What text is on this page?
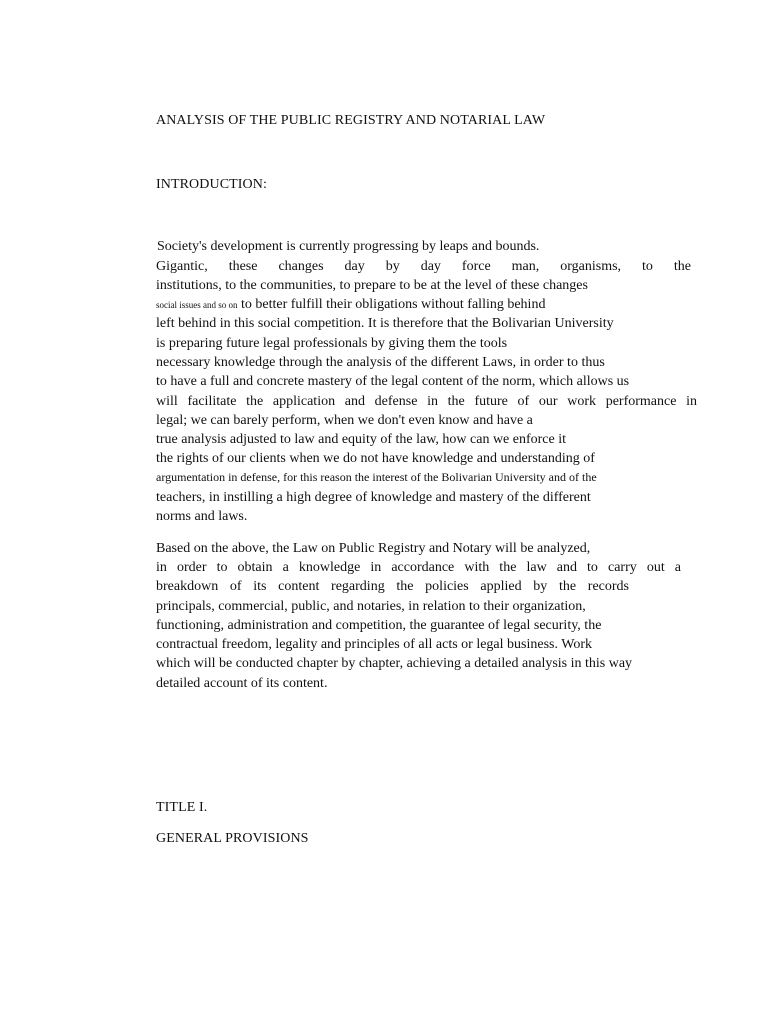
ANALYSIS OF THE PUBLIC REGISTRY AND NOTARIAL LAW
INTRODUCTION:
Society's development is currently progressing by leaps and bounds.
Gigantic, these changes day by day force man, organisms, to the
institutions, to the communities, to prepare to be at the level of these changes
social issues and so on to better fulfill their obligations without falling behind
left behind in this social competition. It is therefore that the Bolivarian University
is preparing future legal professionals by giving them the tools
necessary knowledge through the analysis of the different Laws, in order to thus
to have a full and concrete mastery of the legal content of the norm, which allows us
will facilitate the application and defense in the future of our work performance in
legal; we can barely perform, when we don't even know and have a
true analysis adjusted to law and equity of the law, how can we enforce it
the rights of our clients when we do not have knowledge and understanding of
argumentation in defense, for this reason the interest of the Bolivarian University and of the
teachers, in instilling a high degree of knowledge and mastery of the different
norms and laws.
Based on the above, the Law on Public Registry and Notary will be analyzed,
in order to obtain a knowledge in accordance with the law and to carry out a
breakdown of its content regarding the policies applied by the records
principals, commercial, public, and notaries, in relation to their organization,
functioning, administration and competition, the guarantee of legal security, the
contractual freedom, legality and principles of all acts or legal business. Work
which will be conducted chapter by chapter, achieving a detailed analysis in this way
detailed account of its content.
TITLE I.
GENERAL PROVISIONS
